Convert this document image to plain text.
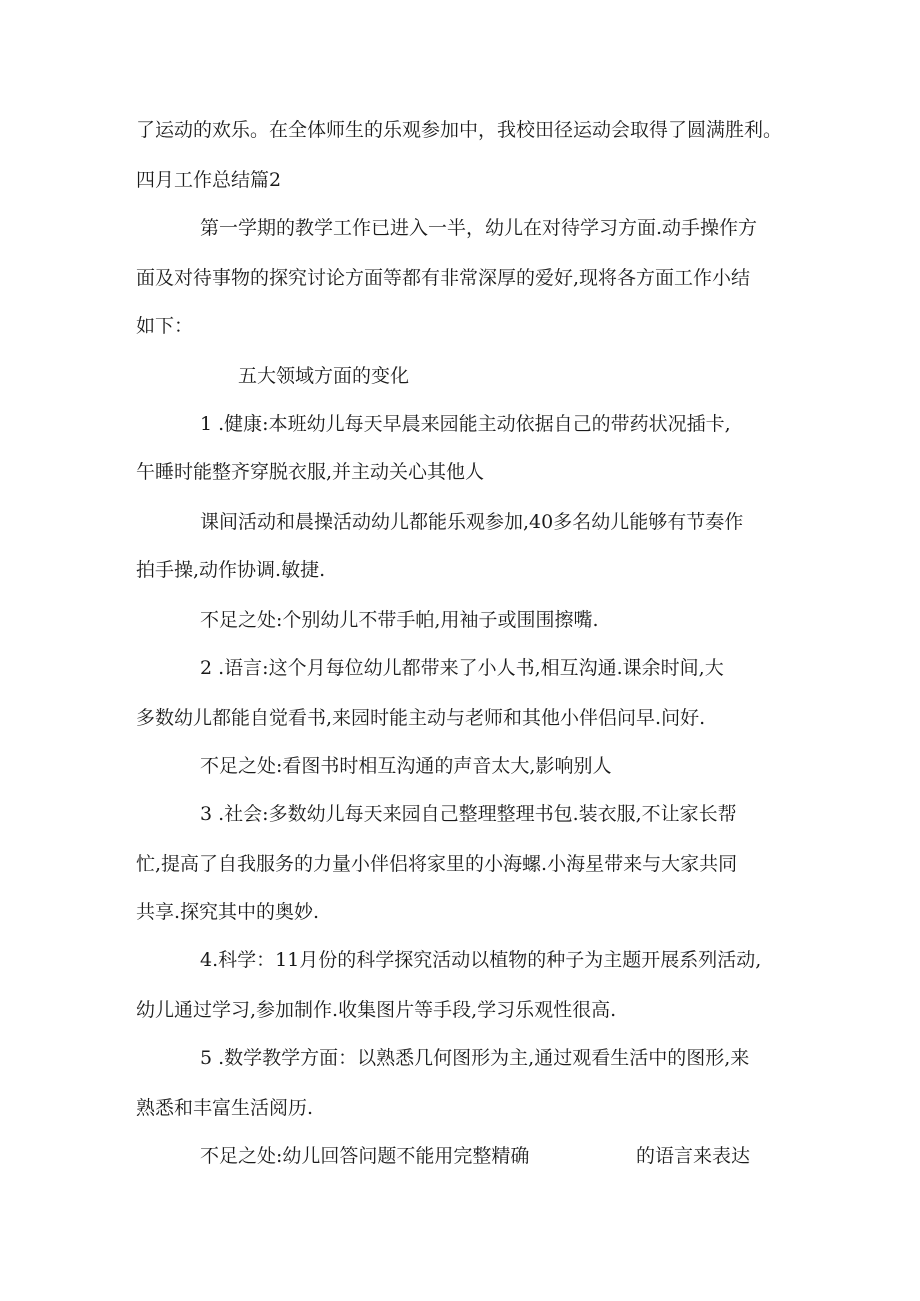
了运动的欢乐。在全体师生的乐观参加中，我校田径运动会取得了圆满胜利。
四月工作总结篇2
第一学期的教学工作已进入一半，幼儿在对待学习方面.动手操作方
面及对待事物的探究讨论方面等都有非常深厚的爱好,现将各方面工作小结
如下：
五大领域方面的变化
1 .健康:本班幼儿每天早晨来园能主动依据自己的带药状况插卡,
午睡时能整齐穿脱衣服,并主动关心其他人
课间活动和晨操活动幼儿都能乐观参加,40多名幼儿能够有节奏作
拍手操,动作协调.敏捷.
不足之处:个别幼儿不带手帕,用袖子或围围擦嘴.
2 .语言:这个月每位幼儿都带来了小人书,相互沟通.课余时间,大
多数幼儿都能自觉看书,来园时能主动与老师和其他小伴侣问早.问好.
不足之处:看图书时相互沟通的声音太大,影响别人
3 .社会:多数幼儿每天来园自己整理整理书包.装衣服,不让家长帮
忙,提高了自我服务的力量小伴侣将家里的小海螺.小海星带来与大家共同
共享.探究其中的奥妙.
4.科学：11月份的科学探究活动以植物的种子为主题开展系列活动,
幼儿通过学习,参加制作.收集图片等手段,学习乐观性很高.
5 .数学教学方面：以熟悉几何图形为主,通过观看生活中的图形,来
熟悉和丰富生活阅历.
不足之处:幼儿回答问题不能用完整精确	的语言来表达
